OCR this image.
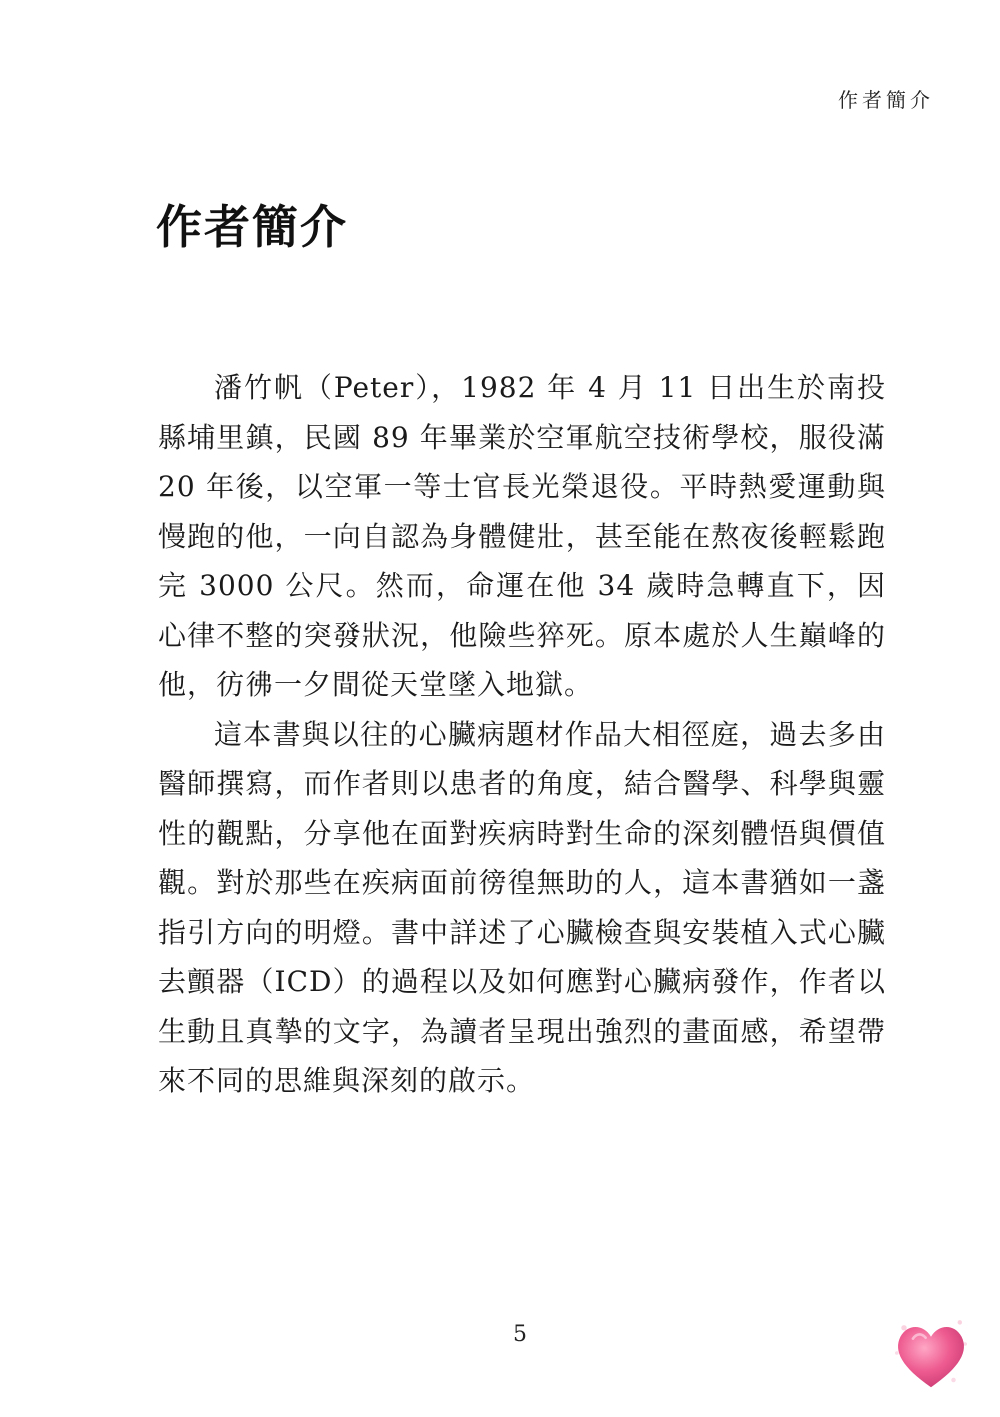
作者簡介
作者簡介

潘竹帆（Peter），1982 年 4 月 11 日出生於南投縣埔里鎮，民國 89 年畢業於空軍航空技術學校，服役滿 20 年後，以空軍一等士官長光榮退役。平時熱愛運動與慢跑的他，一向自認為身體健壯，甚至能在熬夜後輕鬆跑完 3000 公尺。然而，命運在他 34 歲時急轉直下，因心律不整的突發狀況，他險些猝死。原本處於人生巔峰的他，彷彿一夕間從天堂墜入地獄。

這本書與以往的心臟病題材作品大相徑庭，過去多由醫師撰寫，而作者則以患者的角度，結合醫學、科學與靈性的觀點，分享他在面對疾病時對生命的深刻體悟與價值觀。對於那些在疾病面前徬徨無助的人，這本書猶如一盞指引方向的明燈。書中詳述了心臟檢查與安裝植入式心臟去顫器（ICD）的過程以及如何應對心臟病發作，作者以生動且真摯的文字，為讀者呈現出強烈的畫面感，希望帶來不同的思維與深刻的啟示。

5
